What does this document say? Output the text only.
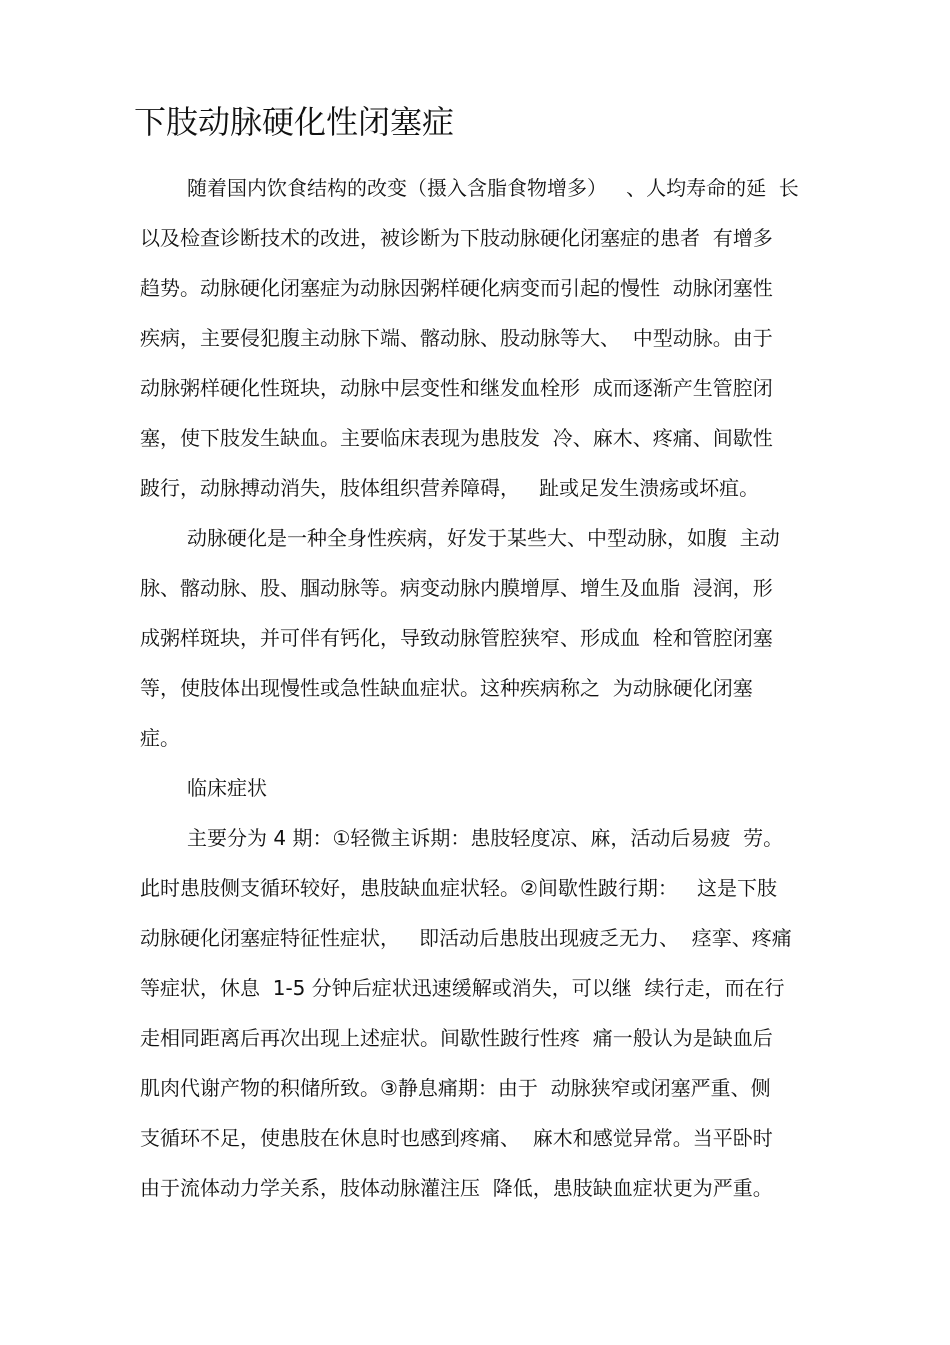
下肢动脉硬化性闭塞症
随着国内饮食结构的改变（摄入含脂食物增多）   、人均寿命的延  长
以及检查诊断技术的改进，被诊断为下肢动脉硬化闭塞症的患者  有增多
趋势。动脉硬化闭塞症为动脉因粥样硬化病变而引起的慢性  动脉闭塞性
疾病，主要侵犯腹主动脉下端、髂动脉、股动脉等大、  中型动脉。由于
动脉粥样硬化性斑块，动脉中层变性和继发血栓形  成而逐渐产生管腔闭
塞，使下肢发生缺血。主要临床表现为患肢发  冷、麻木、疼痛、间歇性
跛行，动脉搏动消失，肢体组织营养障碍，   趾或足发生溃疡或坏疽。
动脉硬化是一种全身性疾病，好发于某些大、中型动脉，如腹  主动
脉、髂动脉、股、腘动脉等。病变动脉内膜增厚、增生及血脂  浸润，形
成粥样斑块，并可伴有钙化，导致动脉管腔狭窄、形成血  栓和管腔闭塞
等，使肢体出现慢性或急性缺血症状。这种疾病称之  为动脉硬化闭塞
症。
临床症状
主要分为 4 期：①轻微主诉期：患肢轻度凉、麻，活动后易疲  劳。
此时患肢侧支循环较好，患肢缺血症状轻。②间歇性跛行期：   这是下肢
动脉硬化闭塞症特征性症状，   即活动后患肢出现疲乏无力、  痉挛、疼痛
等症状，休息  1-5 分钟后症状迅速缓解或消失，可以继  续行走，而在行
走相同距离后再次出现上述症状。间歇性跛行性疼  痛一般认为是缺血后
肌肉代谢产物的积储所致。③静息痛期：由于  动脉狭窄或闭塞严重、侧
支循环不足，使患肢在休息时也感到疼痛、  麻木和感觉异常。当平卧时
由于流体动力学关系，肢体动脉灌注压  降低，患肢缺血症状更为严重。
